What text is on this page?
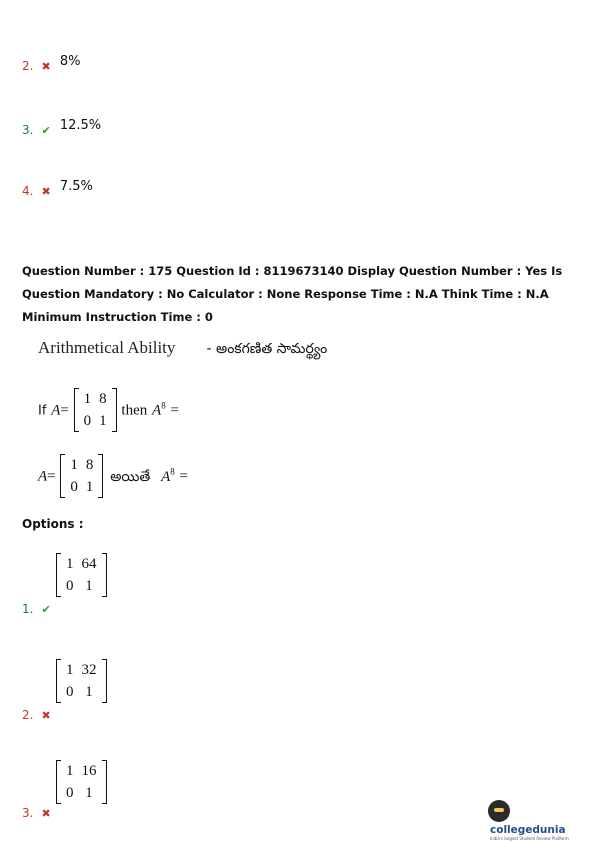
2. ✖ $^{8\%}$
3. ✔ $^{12.5\%}$
4. ✖ $^{7.5\%}$
Question Number : 175 Question Id : 8119673140 Display Question Number : Yes Is Question Mandatory : No Calculator : None Response Time : N.A Think Time : N.A Minimum Instruction Time : 0
Arithmetical Ability - అంకగణిత సామర్థ్యం
If A=
1	8
0	1
then $A^8$ =
A=
1	8
0	1
అయితే $A^8$ =
Options :
1	64
0	1
1. ✔
1	32
0	1
2. ✖
1	16
0	1
3. ✖

collegedunia
India's largest Student Review Platform
